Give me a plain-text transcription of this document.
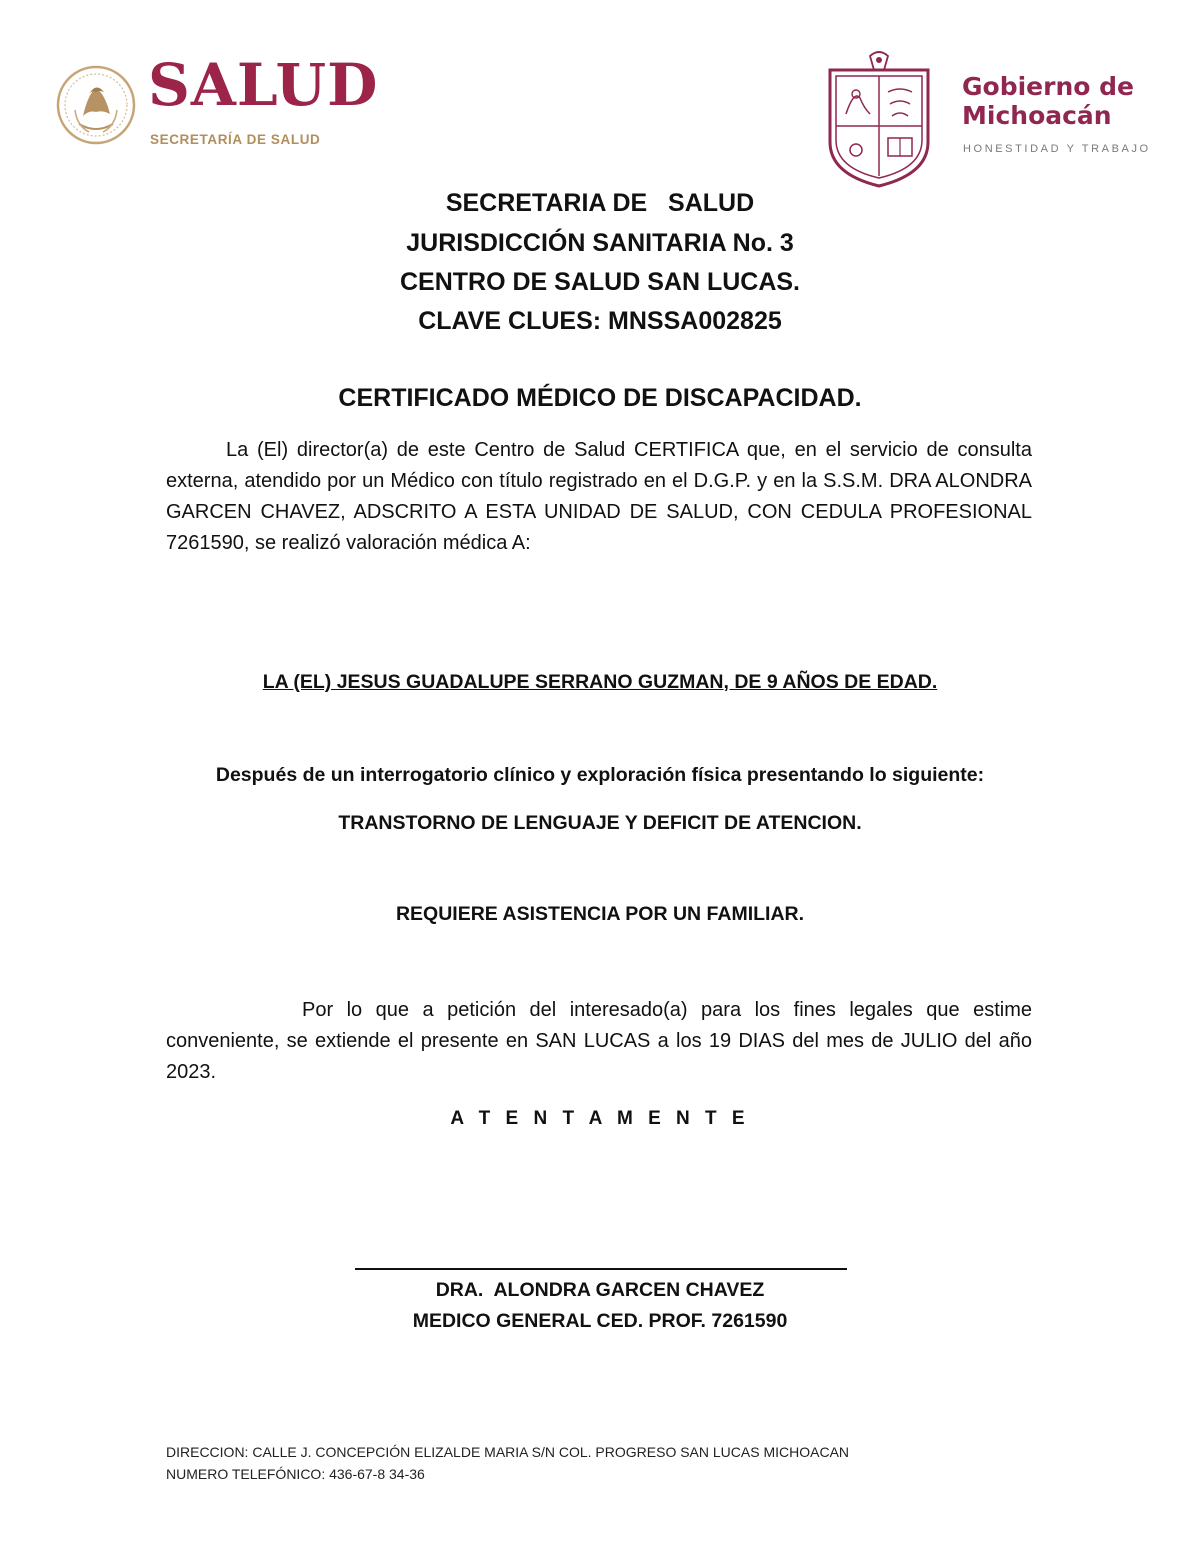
SALUD
SECRETARÍA DE SALUD
Gobierno de
Michoacán
HONESTIDAD Y TRABAJO
SECRETARIA DE   SALUD
JURISDICCIÓN SANITARIA No. 3
CENTRO DE SALUD SAN LUCAS.
CLAVE CLUES: MNSSA002825
CERTIFICADO MÉDICO DE DISCAPACIDAD.
La (El) director(a) de este Centro de Salud CERTIFICA que, en el servicio de consulta externa, atendido por un Médico con título registrado en el D.G.P. y en la S.S.M. DRA ALONDRA GARCEN CHAVEZ, ADSCRITO A ESTA UNIDAD DE SALUD, CON CEDULA PROFESIONAL 7261590, se realizó valoración médica A:
LA (EL) JESUS GUADALUPE SERRANO GUZMAN, DE 9 AÑOS DE EDAD.
Después de un interrogatorio clínico y exploración física presentando lo siguiente:
TRANSTORNO DE LENGUAJE Y DEFICIT DE ATENCION.
REQUIERE ASISTENCIA POR UN FAMILIAR.
Por lo que a petición del interesado(a) para los fines legales que estime conveniente, se extiende el presente en SAN LUCAS a los 19 DIAS del mes de JULIO del año 2023.
A T E N T A M E N T E
DRA.  ALONDRA GARCEN CHAVEZ
MEDICO GENERAL CED. PROF. 7261590
DIRECCION: CALLE J. CONCEPCIÓN ELIZALDE MARIA S/N COL. PROGRESO SAN LUCAS MICHOACAN
NUMERO TELEFÓNICO: 436-67-8 34-36
